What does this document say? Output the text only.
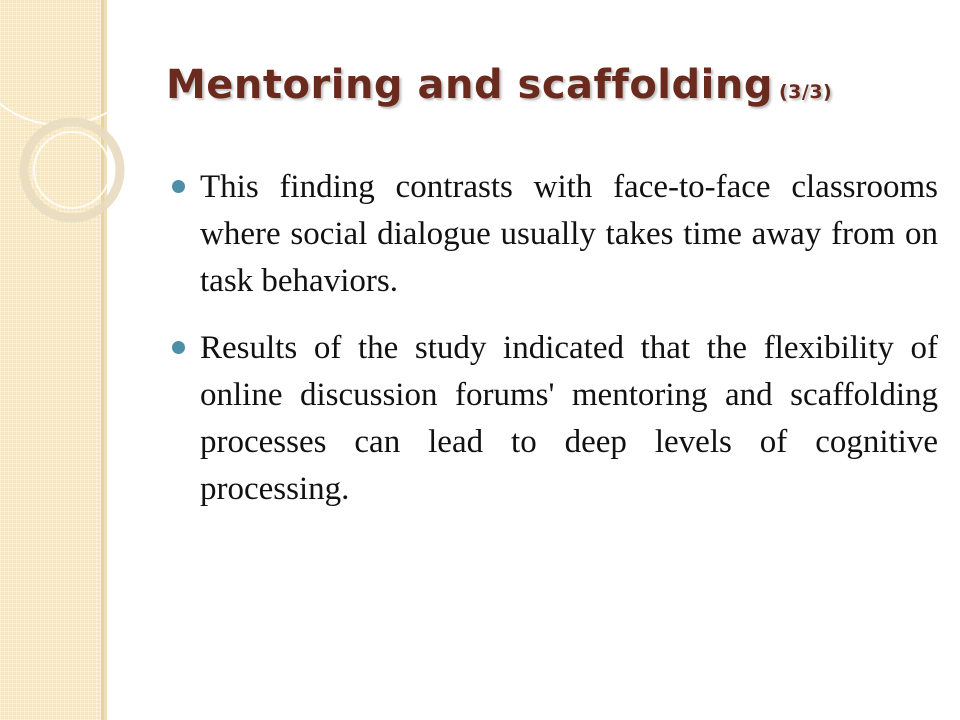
Mentoring and scaffolding (3/3)
This finding contrasts with face-to-face classrooms where social dialogue usually takes time away from on task behaviors.
Results of the study indicated that the flexibility of online discussion forums' mentoring and scaffolding processes can lead to deep levels of cognitive processing.
